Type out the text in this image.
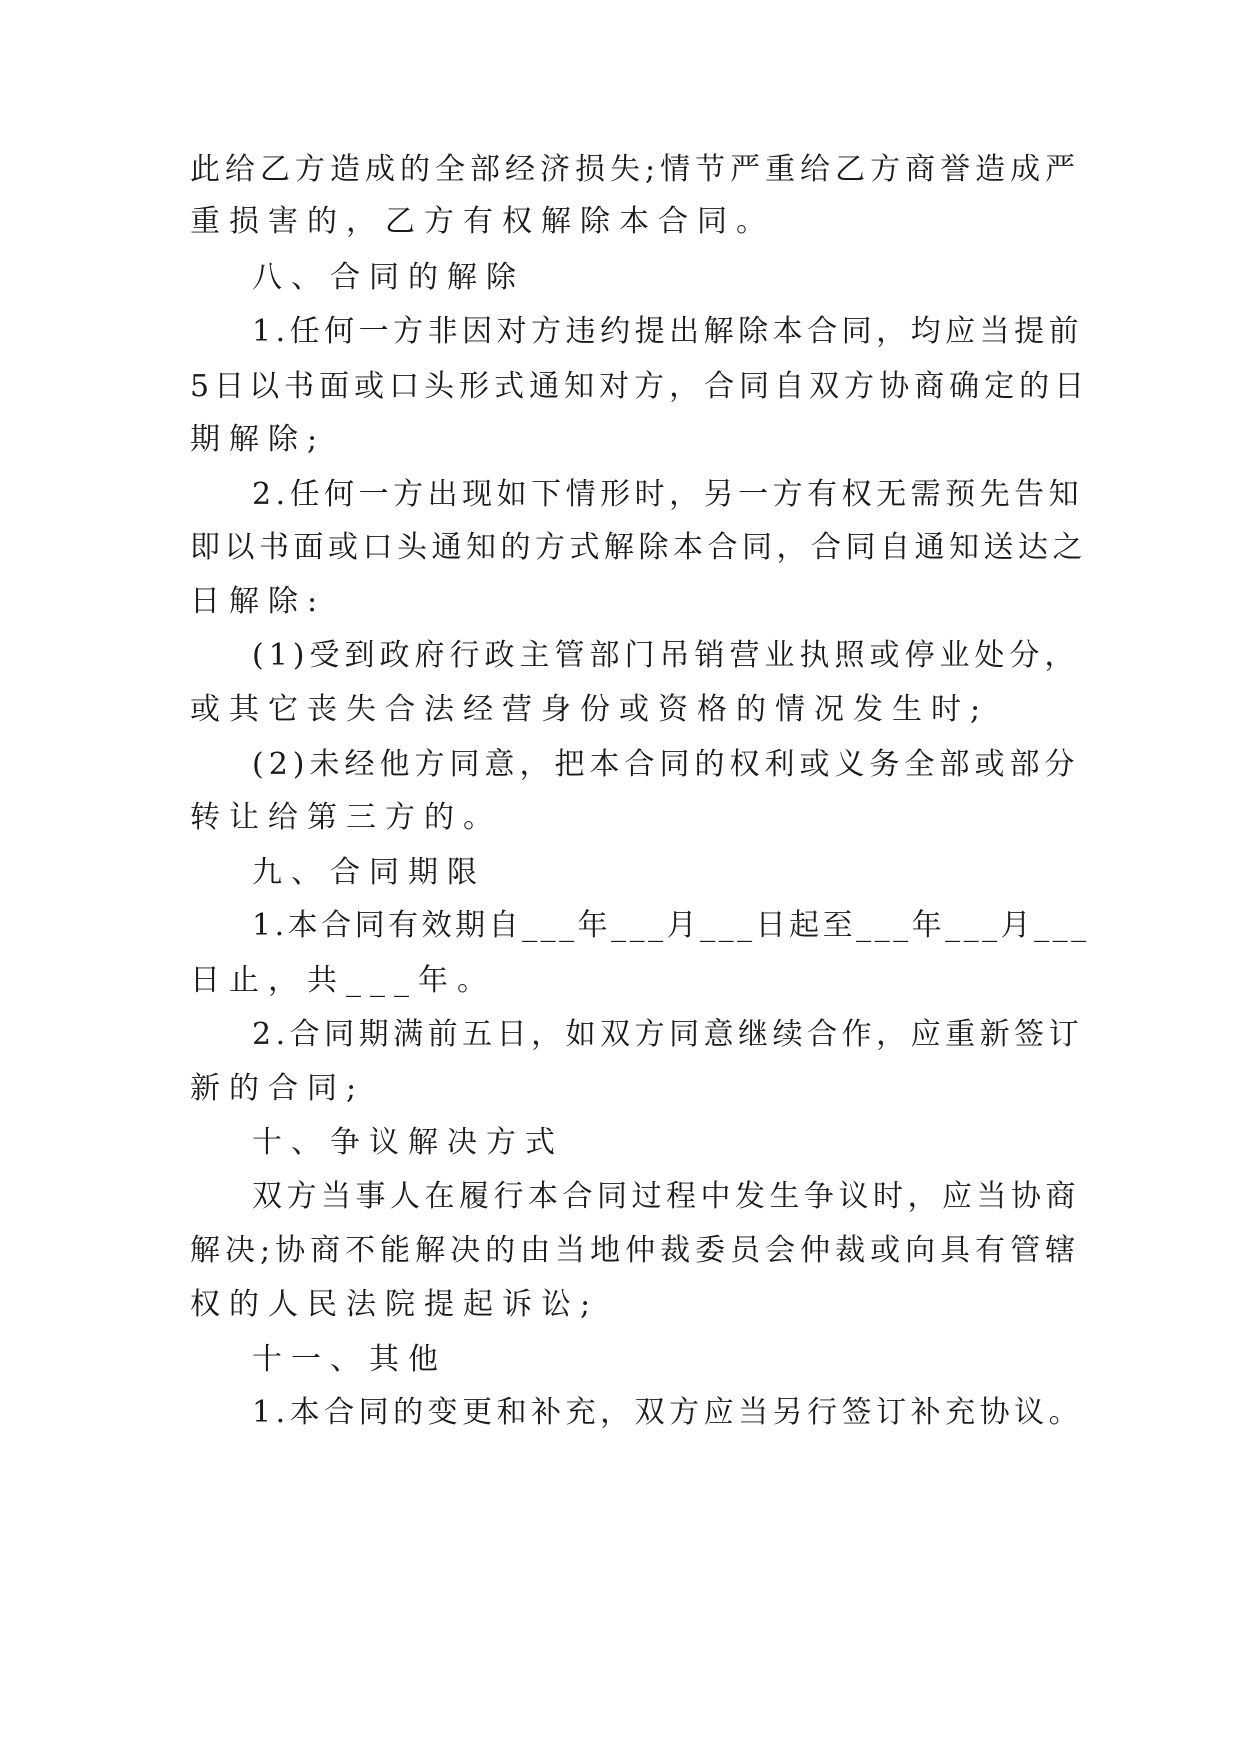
此给乙方造成的全部经济损失;情节严重给乙方商誉造成严
重损害的，乙方有权解除本合同。
八、合同的解除
1.任何一方非因对方违约提出解除本合同，均应当提前
5日以书面或口头形式通知对方，合同自双方协商确定的日
期解除;
2.任何一方出现如下情形时，另一方有权无需预先告知
即以书面或口头通知的方式解除本合同，合同自通知送达之
日解除:
(1)受到政府行政主管部门吊销营业执照或停业处分，
或其它丧失合法经营身份或资格的情况发生时;
(2)未经他方同意，把本合同的权利或义务全部或部分
转让给第三方的。
九、合同期限
1.本合同有效期自___年___月___日起至___年___月___
日止，共___年。
2.合同期满前五日，如双方同意继续合作，应重新签订
新的合同;
十、争议解决方式
双方当事人在履行本合同过程中发生争议时，应当协商
解决;协商不能解决的由当地仲裁委员会仲裁或向具有管辖
权的人民法院提起诉讼;
十一、其他
1.本合同的变更和补充，双方应当另行签订补充协议。
